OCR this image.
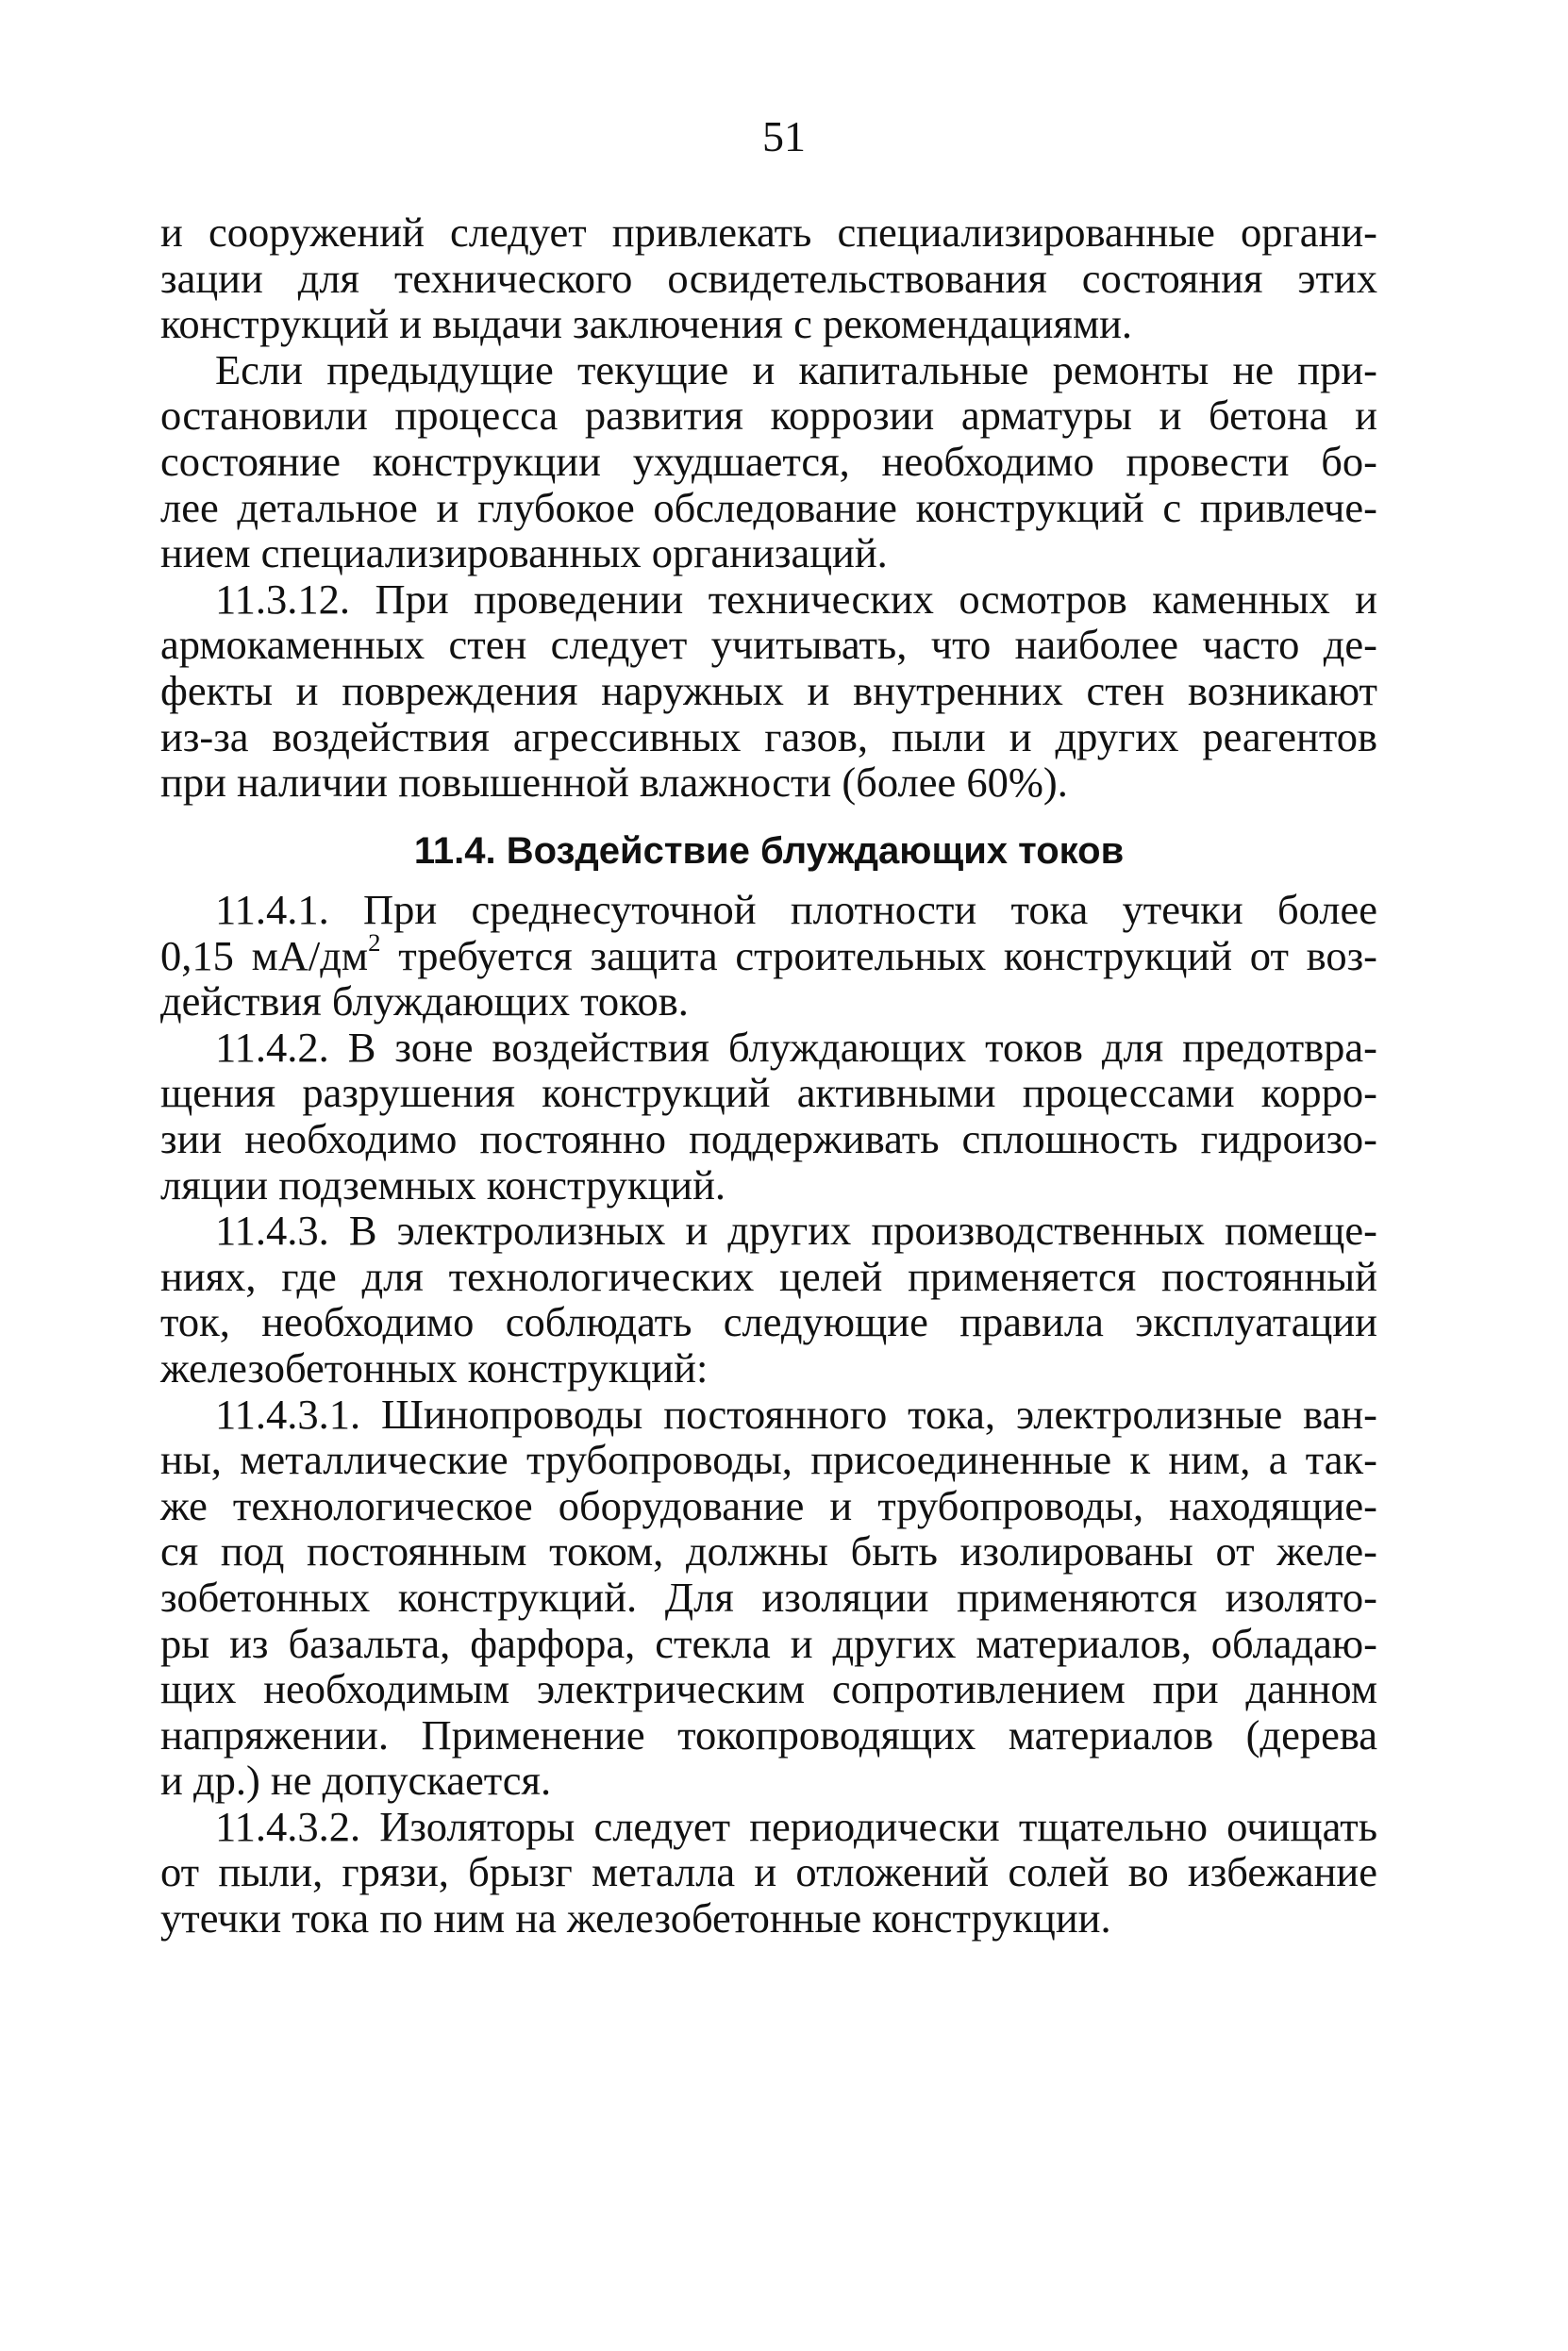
51
и сооружений следует привлекать специализированные органи-
зации для технического освидетельствования состояния этих
конструкций и выдачи заключения с рекомендациями.
Если предыдущие текущие и капитальные ремонты не при-
остановили процесса развития коррозии арматуры и бетона и
состояние конструкции ухудшается, необходимо провести бо-
лее детальное и глубокое обследование конструкций с привлече-
нием специализированных организаций.
11.3.12. При проведении технических осмотров каменных и
армокаменных стен следует учитывать, что наиболее часто де-
фекты и повреждения наружных и внутренних стен возникают
из-за воздействия агрессивных газов, пыли и других реагентов
при наличии повышенной влажности (более 60%).
11.4. Воздействие блуждающих токов
11.4.1. При среднесуточной плотности тока утечки более
0,15 $мА/дм^2$ требуется защита строительных конструкций от воз-
действия блуждающих токов.
11.4.2. В зоне воздействия блуждающих токов для предотвра-
щения разрушения конструкций активными процессами корро-
зии необходимо постоянно поддерживать сплошность гидроизо-
ляции подземных конструкций.
11.4.3. В электролизных и других производственных помеще-
ниях, где для технологических целей применяется постоянный
ток, необходимо соблюдать следующие правила эксплуатации
железобетонных конструкций:
11.4.3.1. Шинопроводы постоянного тока, электролизные ван-
ны, металлические трубопроводы, присоединенные к ним, а так-
же технологическое оборудование и трубопроводы, находящие-
ся под постоянным током, должны быть изолированы от желе-
зобетонных конструкций. Для изоляции применяются изолято-
ры из базальта, фарфора, стекла и других материалов, обладаю-
щих необходимым электрическим сопротивлением при данном
напряжении. Применение токопроводящих материалов (дерева
и др.) не допускается.
11.4.3.2. Изоляторы следует периодически тщательно очищать
от пыли, грязи, брызг металла и отложений солей во избежание
утечки тока по ним на железобетонные конструкции.
